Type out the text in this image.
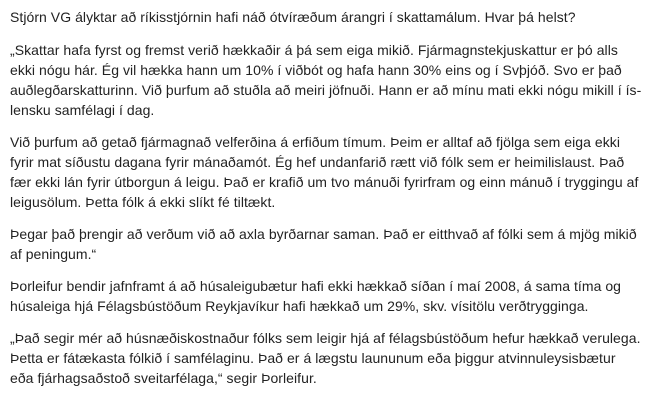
Stjórn VG ályktar að ríkisstjórnin hafi náð ótvíræðum árangri í skattamálum. Hvar þá helst?

„Skattar hafa fyrst og fremst verið hækkaðir á þá sem eiga mikið. Fjármagnstekjuskattur er þó alls ekki nógu hár. Ég vil hækka hann um 10% í viðbót og hafa hann 30% eins og í Svþjóð. Svo er það auðlegðarskatturinn. Við þurfum að stuðla að meiri jöfnuði. Hann er að mínu mati ekki nógu mikill í íslensku samfélagi í dag.

Við þurfum að getað fjármagnað velferðina á erfiðum tímum. Þeim er alltaf að fjölga sem eiga ekki fyrir mat síðustu dagana fyrir mánaðamót. Ég hef undanfarið rætt við fólk sem er heimilislaust. Það fær ekki lán fyrir útborgun á leigu. Það er krafið um tvo mánuði fyrirfram og einn mánuð í tryggingu af leigusölum. Þetta fólk á ekki slíkt fé tiltækt.

Þegar það þrengir að verðum við að axla byrðarnar saman. Það er eitthvað af fólki sem á mjög mikið af peningum.“

Þorleifur bendir jafnframt á að húsaleigubætur hafi ekki hækkað síðan í maí 2008, á sama tíma og húsaleiga hjá Félagsbústöðum Reykjavíkur hafi hækkað um 29%, skv. vísitölu verðtrygginga.

„Það segir mér að húsnæðiskostnaður fólks sem leigir hjá af félagsbústöðum hefur hækkað verulega. Þetta er fátækasta fólkið í samfélaginu. Það er á lægstu laununum eða þiggur atvinnuleysisbætur eða fjárhagsaðstoð sveitarfélaga,“ segir Þorleifur.
